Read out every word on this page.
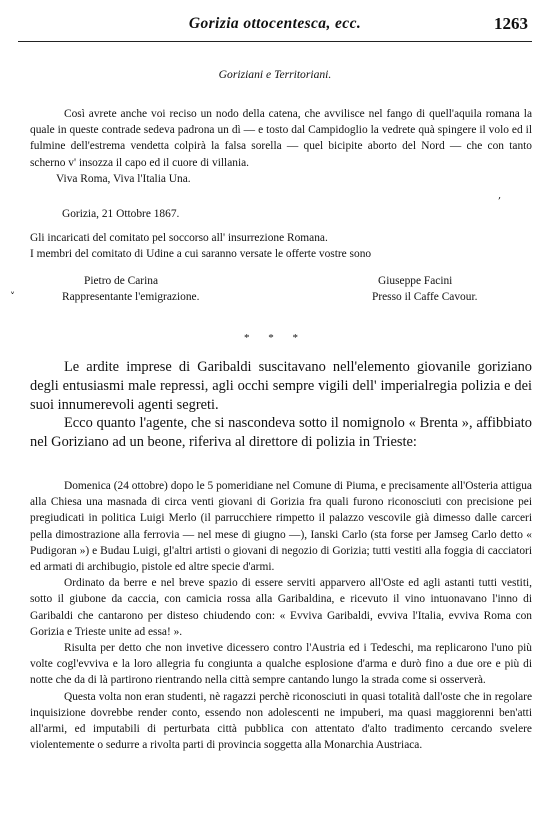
Gorizia ottocentesca, ecc.	1263
Goriziani e Territoriani.

Così avrete anche voi reciso un nodo della catena, che avvilisce nel fango di quell'aquila romana la quale in queste contrade sedeva padrona un dì — e tosto dal Campidoglio la vedrete quà spingere il volo ed il fulmine dell'estrema vendetta colpirà la falsa sorella — quel bicipite aborto del Nord — che con tanto scherno v' insozza il capo ed il cuore di villania.

Viva Roma, Viva l'Italia Una.

Gorizia, 21 Ottobre 1867.
Gli incaricati del comitato pel soccorso all' insurrezione Romana.
I membri del comitato di Udine a cui saranno versate le offerte vostre sono
Pietro de Carina
Rappresentante l'emigrazione.
Giuseppe Facini
Presso il Caffe Cavour.
˅
,
* * *

Le ardite imprese di Garibaldi suscitavano nell'elemento giovanile goriziano degli entusiasmi male repressi, agli occhi sempre vigili dell' imperialregia polizia e dei suoi innumerevoli agenti segreti.

Ecco quanto l'agente, che si nascondeva sotto il nomignolo « Brenta », affibbiato nel Goriziano ad un beone, riferiva al direttore di polizia in Trieste:

Domenica (24 ottobre) dopo le 5 pomeridiane nel Comune di Piuma, e precisamente all'Osteria attigua alla Chiesa una masnada di circa venti giovani di Gorizia fra quali furono riconosciuti con precisione pei pregiudicati in politica Luigi Merlo (il parrucchiere rimpetto il palazzo vescovile già dimesso dalle carceri pella dimostrazione alla ferrovia — nel mese di giugno —), Ianski Carlo (sta forse per Jamseg Carlo detto « Pudigoran ») e Budau Luigi, gl'altri artisti o giovani di negozio di Gorizia; tutti vestiti alla foggia di cacciatori ed armati di archibugio, pistole ed altre specie d'armi.

Ordinato da berre e nel breve spazio di essere serviti apparvero all'Oste ed agli astanti tutti vestiti, sotto il giubone da caccia, con camicia rossa alla Garibaldina, e ricevuto il vino intuonavano l'inno di Garibaldi che cantarono per disteso chiudendo con: « Evviva Garibaldi, evviva l'Italia, evviva Roma con Gorizia e Trieste unite ad essa! ».

Risulta per detto che non invetive dicessero contro l'Austria ed i Tedeschi, ma replicarono l'uno più volte cogl'evviva e la loro allegria fu congiunta a qualche esplosione d'arma e durò fino a due ore e più di notte che da di là partirono rientrando nella città sempre cantando lungo la strada come si osserverà.

Questa volta non eran studenti, nè ragazzi perchè riconosciuti in quasi totalità dall'oste che in regolare inquisizione dovrebbe render conto, essendo non adolescenti ne impuberi, ma quasi maggiorenni ben'atti all'armi, ed imputabili di perturbata città pubblica con attentato d'alto tradimento cercando svelere violentemente o sedurre a rivolta parti di provincia soggetta alla Monarchia Austriaca.
